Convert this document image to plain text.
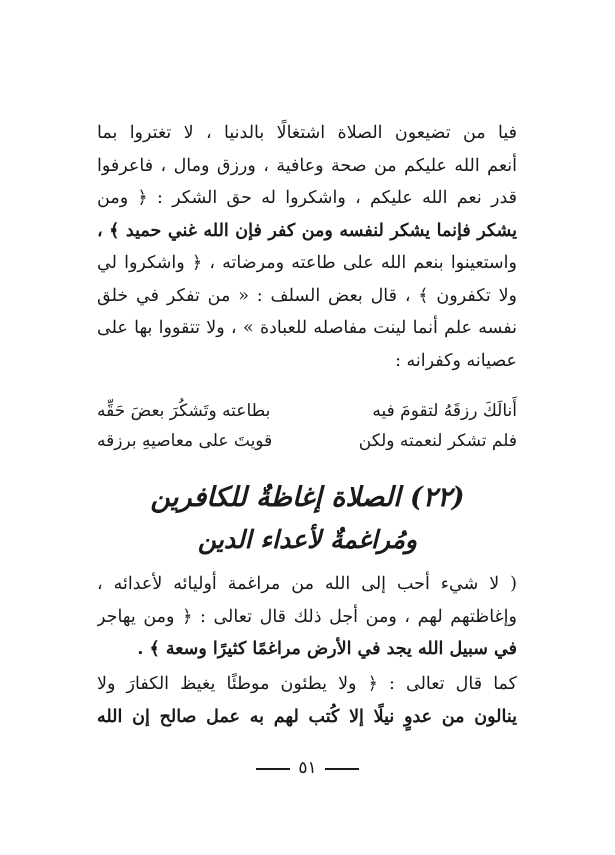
فيا من تضيعون الصلاة اشتغالًا بالدنيا ، لا تغتروا بما
أنعم الله عليكم من صحة وعافية ، ورزق ومال ، فاعرفوا
قدر نعم الله عليكم ، واشكروا له حق الشكر : ﴿ ومن
يشكر فإنما يشكر لنفسه ومن كفر فإن الله غني حميد ﴾ ،
واستعينوا بنعم الله على طاعته ومرضاته ، ﴿ واشكروا لي
ولا تكفرون ﴾ ، قال بعض السلف : « من تفكر في خلق
نفسه علم أنما لينت مفاصله للعبادة » ، ولا تتقووا بها على
عصيانه وكفرانه :
أَنالَكَ رزقَهُ لتقومَ فيه
بطاعته وتَشكُرَ بعضَ حَقِّه
فلم تشكر لنعمته ولكن
قويتَ على معاصيهِ برزقه
(٢٢) الصلاة إغاظةٌ للكافرين
ومُراغمةٌ لأعداء الدين
( لا شيء أحب إلى الله من مراغمة أوليائه لأعدائه ،
وإغاظتهم لهم ، ومن أجل ذلك قال تعالى : ﴿ ومن يهاجر
في سبيل الله يجد في الأرض مراغمًا كثيرًا وسعة ﴾ .
كما قال تعالى : ﴿ ولا يطئون موطئًا يغيظ الكفارَ ولا
ينالون من عدوٍ نيلًا إلا كُتب لهم به عمل صالح إن الله
٥١
